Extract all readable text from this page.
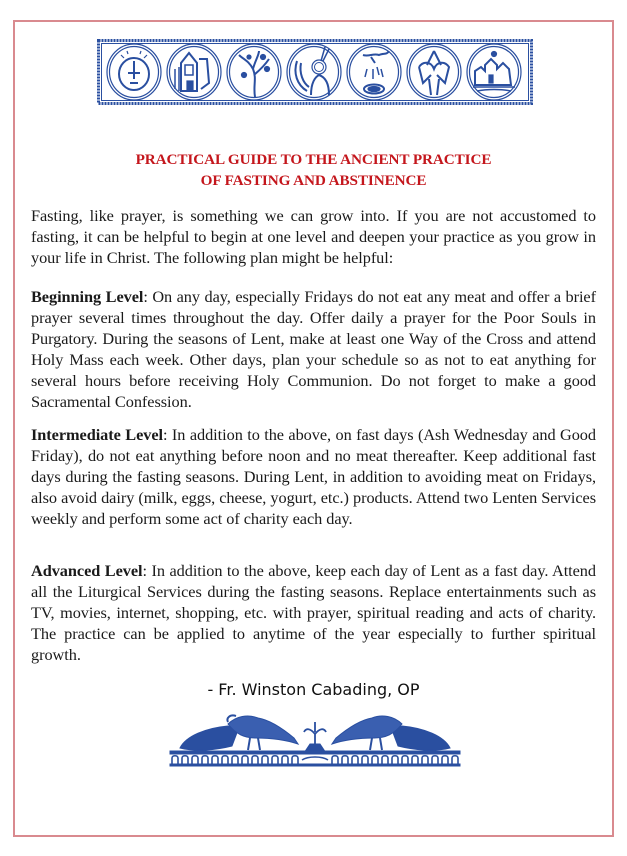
PRACTICAL GUIDE TO THE ANCIENT PRACTICE
OF FASTING AND ABSTINENCE

Fasting, like prayer, is something we can grow into. If you are not accustomed to fasting, it can be helpful to begin at one level and deepen your practice as you grow in your life in Christ. The following plan might be helpful:

Beginning Level: On any day, especially Fridays do not eat any meat and offer a brief prayer several times throughout the day. Offer daily a prayer for the Poor Souls in Purgatory. During the seasons of Lent, make at least one Way of the Cross and attend Holy Mass each week. Other days, plan your schedule so as not to eat anything for several hours before receiving Holy Communion. Do not forget to make a good Sacramental Confession.

Intermediate Level: In addition to the above, on fast days (Ash Wednesday and Good Friday), do not eat anything before noon and no meat thereafter. Keep additional fast days during the fasting seasons. During Lent, in addition to avoiding meat on Fridays, also avoid dairy (milk, eggs, cheese, yogurt, etc.) products. Attend two Lenten Services weekly and perform some act of charity each day.

Advanced Level: In addition to the above, keep each day of Lent as a fast day. Attend all the Liturgical Services during the fasting seasons. Replace entertainments such as TV, movies, internet, shopping, etc. with prayer, spiritual reading and acts of charity. The practice can be applied to anytime of the year especially to further spiritual growth.

- Fr. Winston Cabading, OP
